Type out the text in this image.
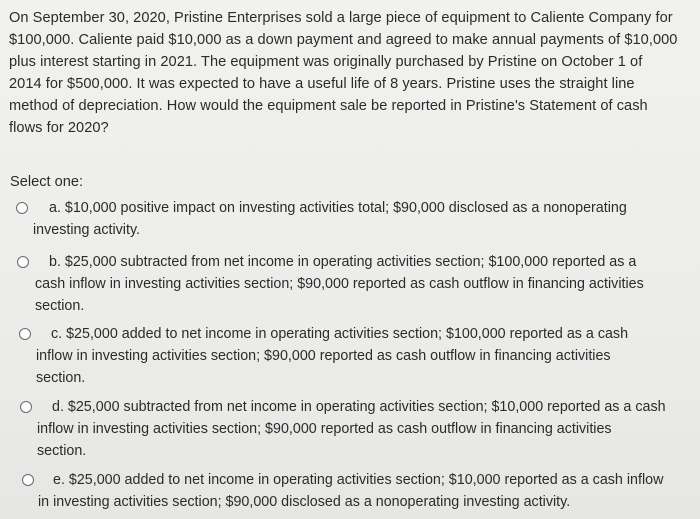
On September 30, 2020, Pristine Enterprises sold a large piece of equipment to Caliente Company for
$100,000. Caliente paid $10,000 as a down payment and agreed to make annual payments of $10,000
plus interest starting in 2021. The equipment was originally purchased by Pristine on October 1 of
2014 for $500,000. It was expected to have a useful life of 8 years. Pristine uses the straight line
method of depreciation. How would the equipment sale be reported in Pristine's Statement of cash
flows for 2020?
Select one:
a. $10,000 positive impact on investing activities total; $90,000 disclosed as a nonoperating
investing activity.
b. $25,000 subtracted from net income in operating activities section; $100,000 reported as a
cash inflow in investing activities section; $90,000 reported as cash outflow in financing activities
section.
c. $25,000 added to net income in operating activities section; $100,000 reported as a cash
inflow in investing activities section; $90,000 reported as cash outflow in financing activities
section.
d. $25,000 subtracted from net income in operating activities section; $10,000 reported as a cash
inflow in investing activities section; $90,000 reported as cash outflow in financing activities
section.
e. $25,000 added to net income in operating activities section; $10,000 reported as a cash inflow
in investing activities section; $90,000 disclosed as a nonoperating investing activity.
